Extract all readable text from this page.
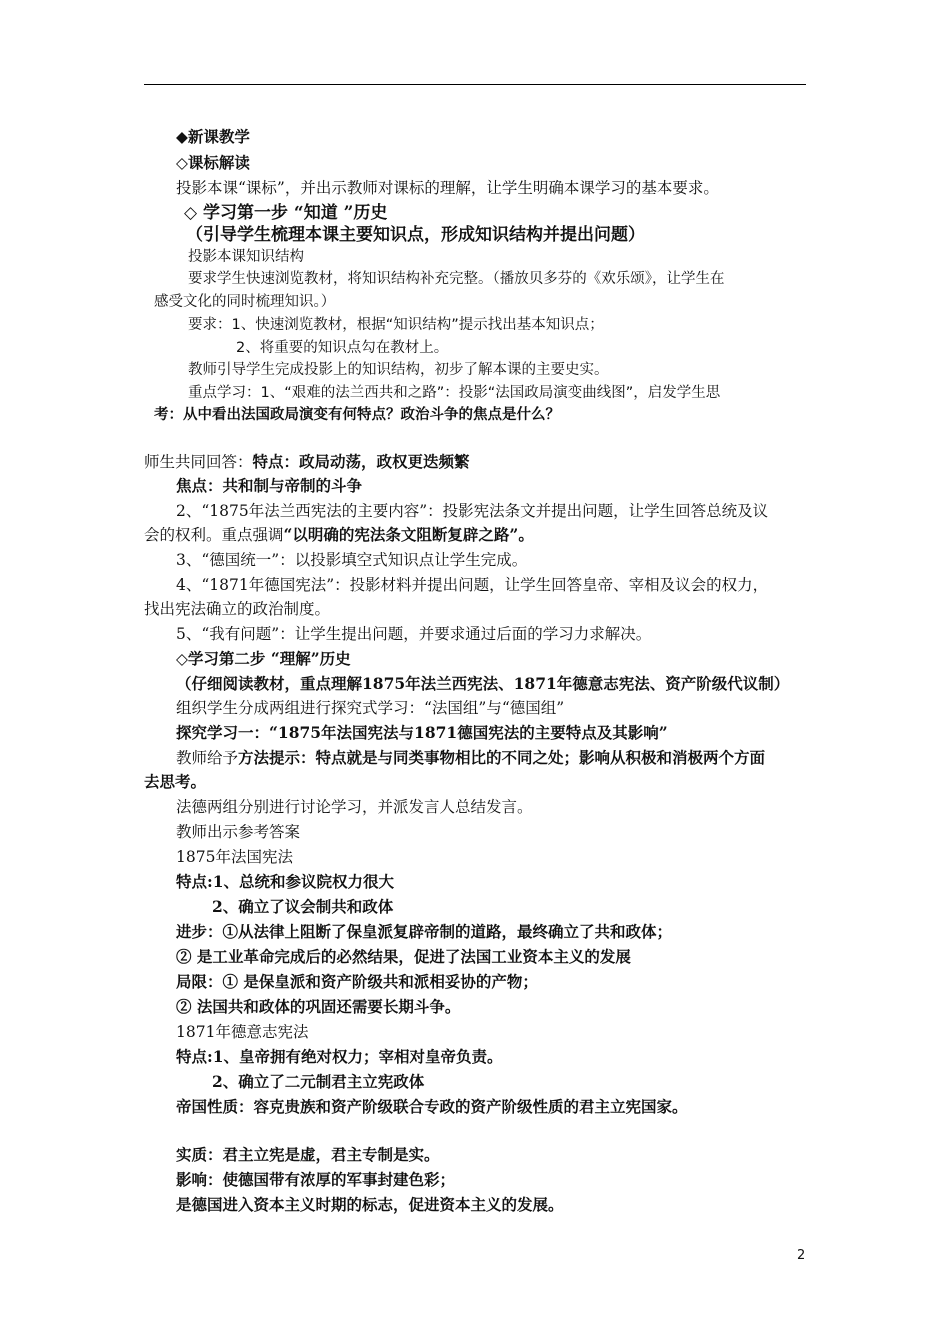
◆新课教学
◇课标解读
投影本课“课标”，并出示教师对课标的理解，让学生明确本课学习的基本要求。
◇ 学习第一步 “知道 ”历史
（引导学生梳理本课主要知识点，形成知识结构并提出问题）
投影本课知识结构
要求学生快速浏览教材，将知识结构补充完整。（播放贝多芬的《欢乐颂》，让学生在
感受文化的同时梳理知识。）
要求：1、快速浏览教材，根据“知识结构”提示找出基本知识点；
2、将重要的知识点勾在教材上。
教师引导学生完成投影上的知识结构，初步了解本课的主要史实。
重点学习：1、“艰难的法兰西共和之路”：投影“法国政局演变曲线图”，启发学生思
考：从中看出法国政局演变有何特点？政治斗争的焦点是什么？
师生共同回答：特点：政局动荡，政权更迭频繁
焦点：共和制与帝制的斗争
2、“1875年法兰西宪法的主要内容”：投影宪法条文并提出问题，让学生回答总统及议
会的权利。重点强调“以明确的宪法条文阻断复辟之路”。
3、“德国统一”：以投影填空式知识点让学生完成。
4、“1871年德国宪法”：投影材料并提出问题，让学生回答皇帝、宰相及议会的权力，
找出宪法确立的政治制度。
5、“我有问题”：让学生提出问题，并要求通过后面的学习力求解决。
◇学习第二步 “理解”历史
（仔细阅读教材，重点理解1875年法兰西宪法、1871年德意志宪法、资产阶级代议制）
组织学生分成两组进行探究式学习：“法国组”与“德国组”
探究学习一：“1875年法国宪法与1871德国宪法的主要特点及其影响”
教师给予方法提示：特点就是与同类事物相比的不同之处；影响从积极和消极两个方面
去思考。
法德两组分别进行讨论学习，并派发言人总结发言。
教师出示参考答案
1875年法国宪法
特点:1、总统和参议院权力很大
2、确立了议会制共和政体
进步：①从法律上阻断了保皇派复辟帝制的道路，最终确立了共和政体；
② 是工业革命完成后的必然结果，促进了法国工业资本主义的发展
局限：① 是保皇派和资产阶级共和派相妥协的产物；
② 法国共和政体的巩固还需要长期斗争。
1871年德意志宪法
特点:1、皇帝拥有绝对权力；宰相对皇帝负责。
2、确立了二元制君主立宪政体
帝国性质：容克贵族和资产阶级联合专政的资产阶级性质的君主立宪国家。
实质：君主立宪是虚，君主专制是实。
影响：使德国带有浓厚的军事封建色彩；
是德国进入资本主义时期的标志，促进资本主义的发展。
2
